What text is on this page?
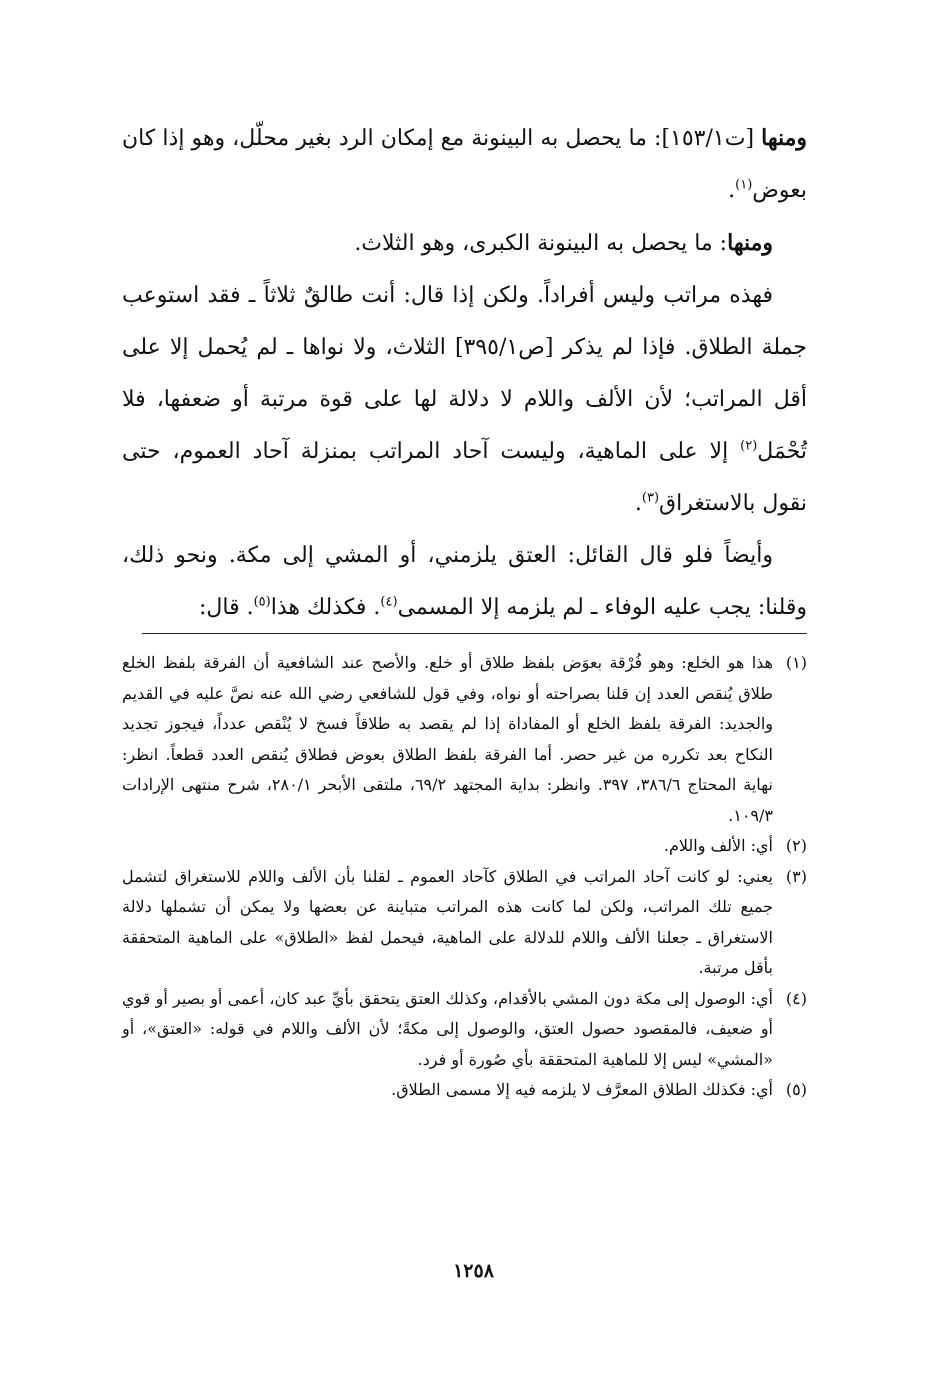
ومنها [ت١٥٣/١]: ما يحصل به البينونة مع إمكان الرد بغير محلّل، وهو إذا كان بعوض$^{(١)}$.

ومنها: ما يحصل به البينونة الكبرى، وهو الثلاث.

فهذه مراتب وليس أفراداً. ولكن إذا قال: أنت طالقٌ ثلاثاً ـ فقد استوعب جملة الطلاق. فإذا لم يذكر [ص٣٩٥/١] الثلاث، ولا نواها ـ لم يُحمل إلا على أقل المراتب؛ لأن الألف واللام لا دلالة لها على قوة مرتبة أو ضعفها، فلا تُحْمَل$^{(٢)}$ إلا على الماهية، وليست آحاد المراتب بمنزلة آحاد العموم، حتى نقول بالاستغراق$^{(٣)}$.

وأيضاً فلو قال القائل: العتق يلزمني، أو المشي إلى مكة. ونحو ذلك، وقلنا: يجب عليه الوفاء ـ لم يلزمه إلا المسمى$^{(٤)}$. فكذلك هذا$^{(٥)}$. قال:

(١)
هذا هو الخلع: وهو فُرْقة بعوَض بلفظ طلاق أو خلع. والأصح عند الشافعية أن الفرقة بلفظ الخلع طلاق يُنقص العدد إن قلنا بصراحته أو نواه، وفي قول للشافعي رضي الله عنه نصَّ عليه في القديم والجديد: الفرقة بلفظ الخلع أو المفاداة إذا لم يقصد به طلاقاً فسخ لا يُنْقص عدداً، فيجوز تجديد النكاح بعد تكرره من غير حصر. أما الفرقة بلفظ الطلاق بعوض فطلاق يُنقص العدد قطعاً. انظر: نهاية المحتاج ٣٨٦/٦، ٣٩٧. وانظر: بداية المجتهد ٦٩/٢، ملتقى الأبحر ٢٨٠/١، شرح منتهى الإرادات ١٠٩/٣.
(٢)
أي: الألف واللام.
(٣)
يعني: لو كانت آحاد المراتب في الطلاق كآحاد العموم ـ لقلنا بأن الألف واللام للاستغراق لتشمل جميع تلك المراتب، ولكن لما كانت هذه المراتب متباينة عن بعضها ولا يمكن أن تشملها دلالة الاستغراق ـ جعلنا الألف واللام للدلالة على الماهية، فيحمل لفظ «الطلاق» على الماهية المتحققة بأقل مرتبة.
(٤)
أي: الوصول إلى مكة دون المشي بالأقدام، وكذلك العتق يتحقق بأيِّ عبد كان، أعمى أو بصير أو قوي أو ضعيف، فالمقصود حصول العتق، والوصول إلى مكةً؛ لأن الألف واللام في قوله: «العتق»، أو «المشي» ليس إلا للماهية المتحققة بأي صُورة أو فرد.
(٥)
أي: فكذلك الطلاق المعرَّف لا يلزمه فيه إلا مسمى الطلاق.
١٢٥٨
